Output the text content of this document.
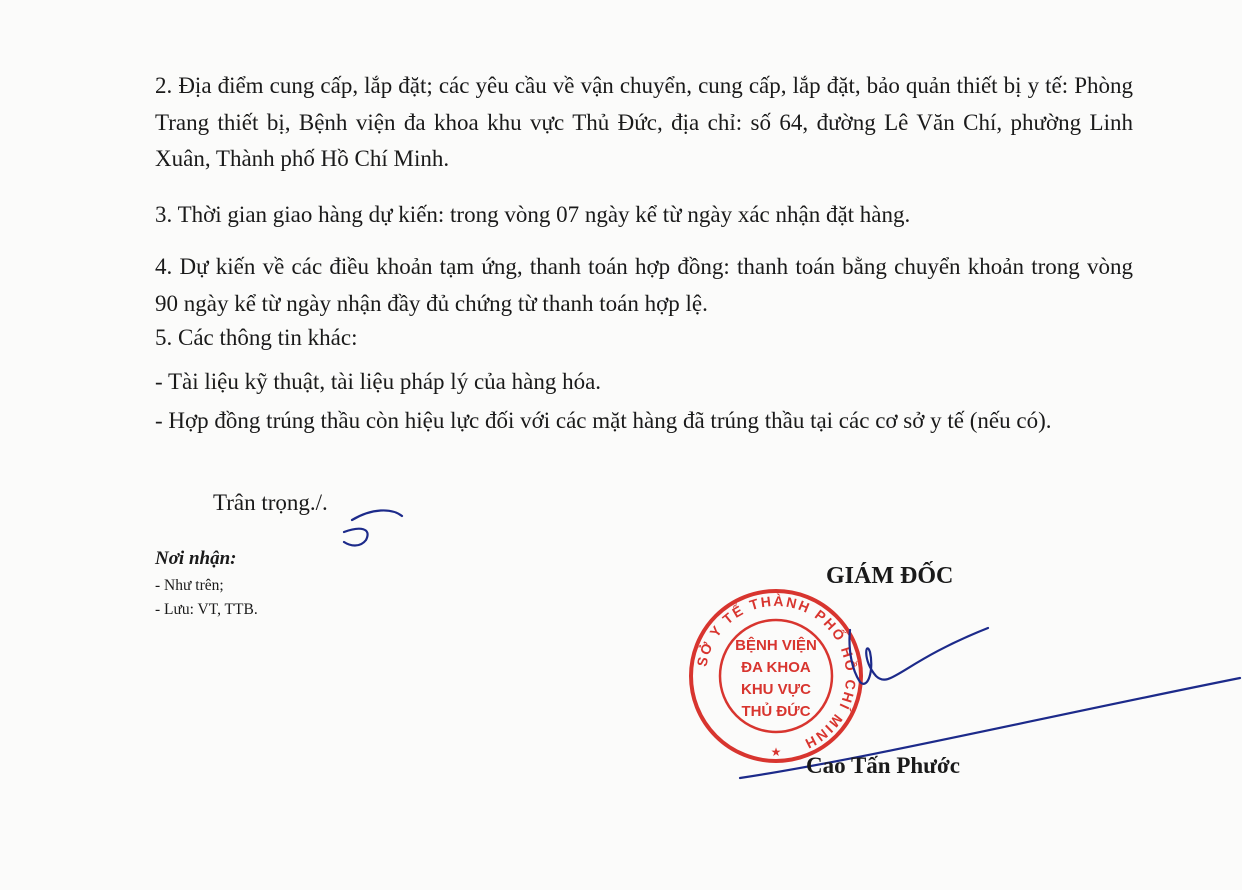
2. Địa điểm cung cấp, lắp đặt; các yêu cầu về vận chuyển, cung cấp, lắp đặt, bảo quản thiết bị y tế: Phòng Trang thiết bị, Bệnh viện đa khoa khu vực Thủ Đức, địa chỉ: số 64, đường Lê Văn Chí, phường Linh Xuân, Thành phố Hồ Chí Minh.

3. Thời gian giao hàng dự kiến: trong vòng 07 ngày kể từ ngày xác nhận đặt hàng.

4. Dự kiến về các điều khoản tạm ứng, thanh toán hợp đồng: thanh toán bằng chuyển khoản trong vòng 90 ngày kể từ ngày nhận đầy đủ chứng từ thanh toán hợp lệ.

5. Các thông tin khác:

- Tài liệu kỹ thuật, tài liệu pháp lý của hàng hóa.

- Hợp đồng trúng thầu còn hiệu lực đối với các mặt hàng đã trúng thầu tại các cơ sở y tế (nếu có).

Trân trọng./.
Nơi nhận:
- Như trên;
- Lưu: VT, TTB.
GIÁM ĐỐC
SỞ Y TẾ THÀNH PHỐ HỒ CHÍ MINH
BỆNH VIỆN
ĐA KHOA
KHU VỰC
THỦ ĐỨC
★
Cao Tấn Phước
